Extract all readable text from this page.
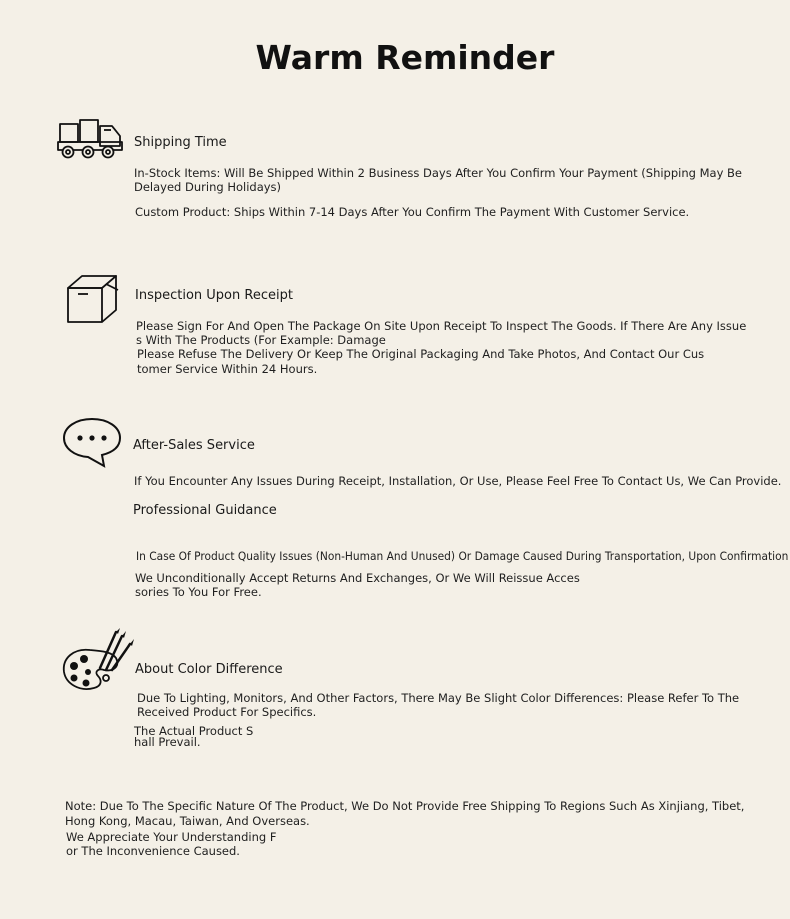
Warm Reminder
Shipping Time
In-Stock Items: Will Be Shipped Within 2 Business Days After You Confirm Your Payment (Shipping May Be
Delayed During Holidays)
Custom Product: Ships Within 7-14 Days After You Confirm The Payment With Customer Service.
Inspection Upon Receipt
Please Sign For And Open The Package On Site Upon Receipt To Inspect The Goods. If There Are Any Issue
s With The Products (For Example: Damage
Please Refuse The Delivery Or Keep The Original Packaging And Take Photos, And Contact Our Cus
tomer Service Within 24 Hours.
After-Sales Service
If You Encounter Any Issues During Receipt, Installation, Or Use, Please Feel Free To Contact Us, We Can Provide.
Professional Guidance
In Case Of Product Quality Issues (Non-Human And Unused) Or Damage Caused During Transportation, Upon Confirmation
We Unconditionally Accept Returns And Exchanges, Or We Will Reissue Acces
sories To You For Free.
About Color Difference
Due To Lighting, Monitors, And Other Factors, There May Be Slight Color Differences: Please Refer To The
Received Product For Specifics.
The Actual Product S
hall Prevail.
Note: Due To The Specific Nature Of The Product, We Do Not Provide Free Shipping To Regions Such As Xinjiang, Tibet,
Hong Kong, Macau, Taiwan, And Overseas.
We Appreciate Your Understanding F
or The Inconvenience Caused.
